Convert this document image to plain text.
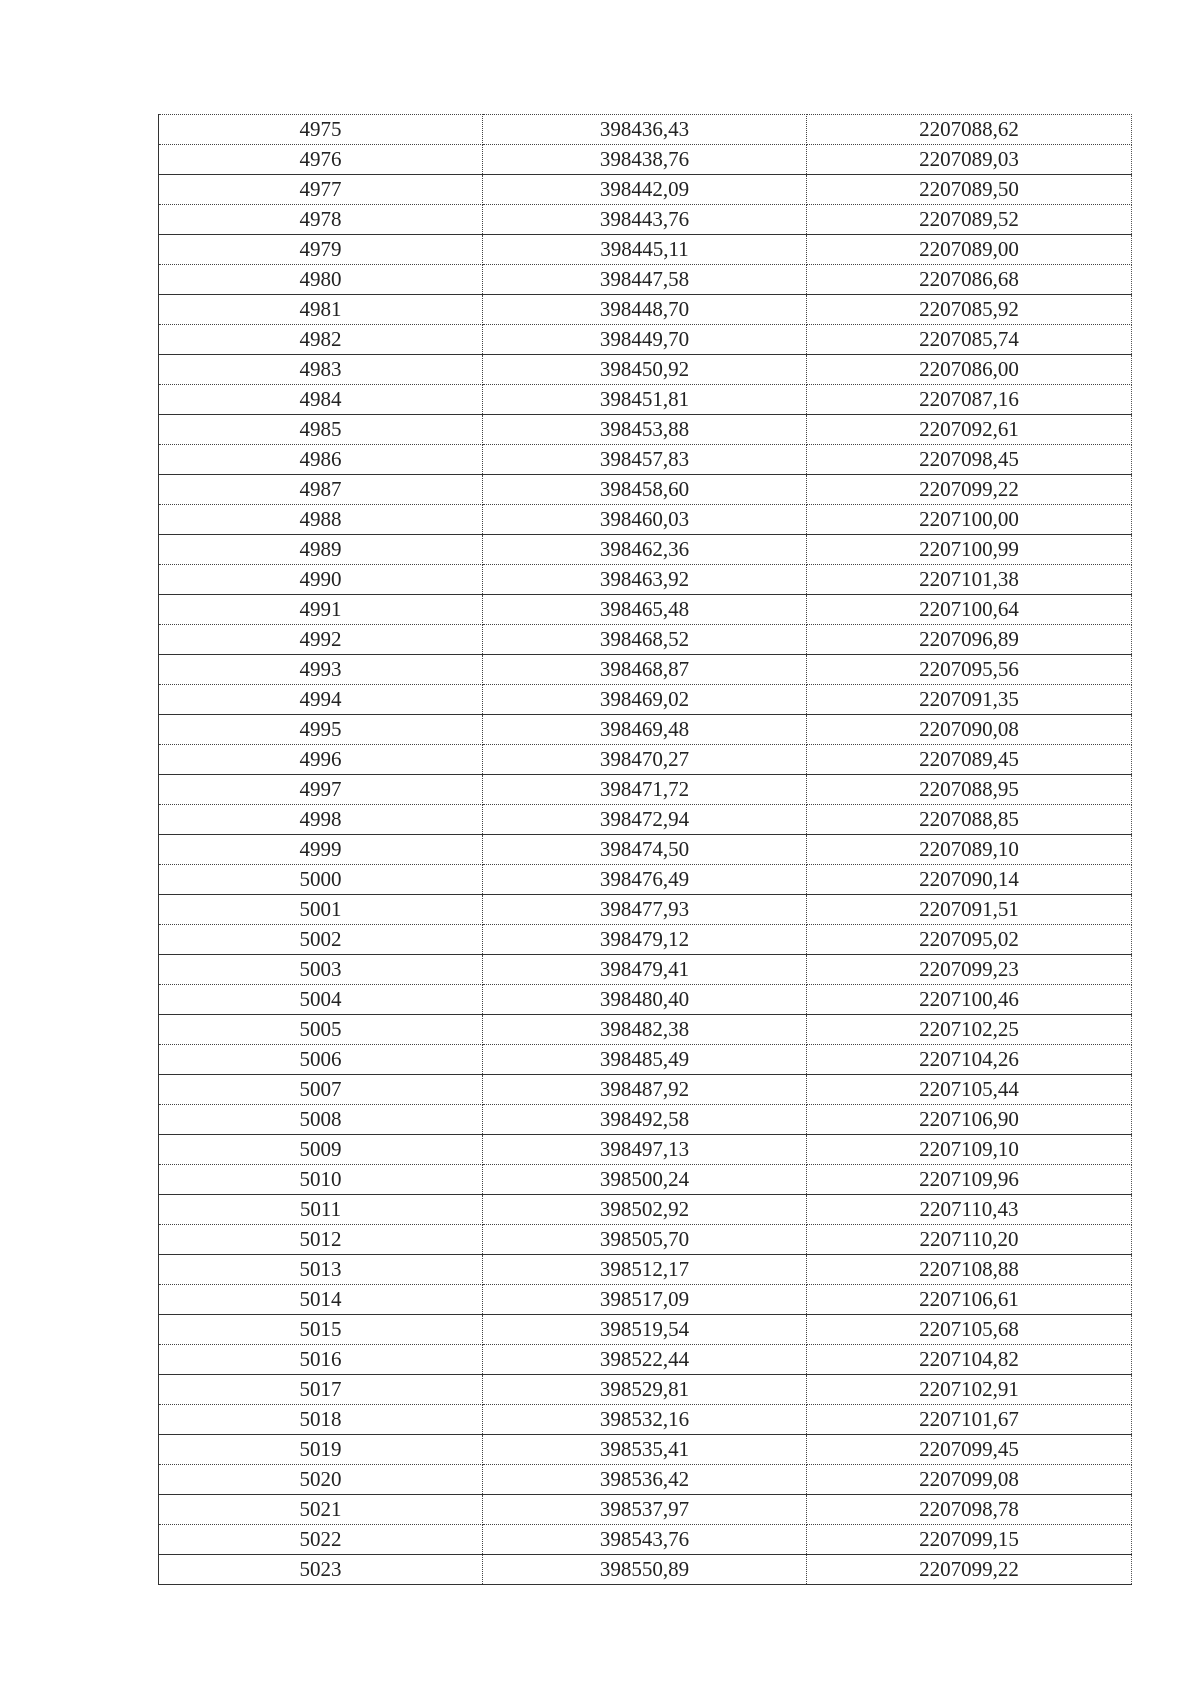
4975	398436,43	2207088,62
4976	398438,76	2207089,03
4977	398442,09	2207089,50
4978	398443,76	2207089,52
4979	398445,11	2207089,00
4980	398447,58	2207086,68
4981	398448,70	2207085,92
4982	398449,70	2207085,74
4983	398450,92	2207086,00
4984	398451,81	2207087,16
4985	398453,88	2207092,61
4986	398457,83	2207098,45
4987	398458,60	2207099,22
4988	398460,03	2207100,00
4989	398462,36	2207100,99
4990	398463,92	2207101,38
4991	398465,48	2207100,64
4992	398468,52	2207096,89
4993	398468,87	2207095,56
4994	398469,02	2207091,35
4995	398469,48	2207090,08
4996	398470,27	2207089,45
4997	398471,72	2207088,95
4998	398472,94	2207088,85
4999	398474,50	2207089,10
5000	398476,49	2207090,14
5001	398477,93	2207091,51
5002	398479,12	2207095,02
5003	398479,41	2207099,23
5004	398480,40	2207100,46
5005	398482,38	2207102,25
5006	398485,49	2207104,26
5007	398487,92	2207105,44
5008	398492,58	2207106,90
5009	398497,13	2207109,10
5010	398500,24	2207109,96
5011	398502,92	2207110,43
5012	398505,70	2207110,20
5013	398512,17	2207108,88
5014	398517,09	2207106,61
5015	398519,54	2207105,68
5016	398522,44	2207104,82
5017	398529,81	2207102,91
5018	398532,16	2207101,67
5019	398535,41	2207099,45
5020	398536,42	2207099,08
5021	398537,97	2207098,78
5022	398543,76	2207099,15
5023	398550,89	2207099,22
